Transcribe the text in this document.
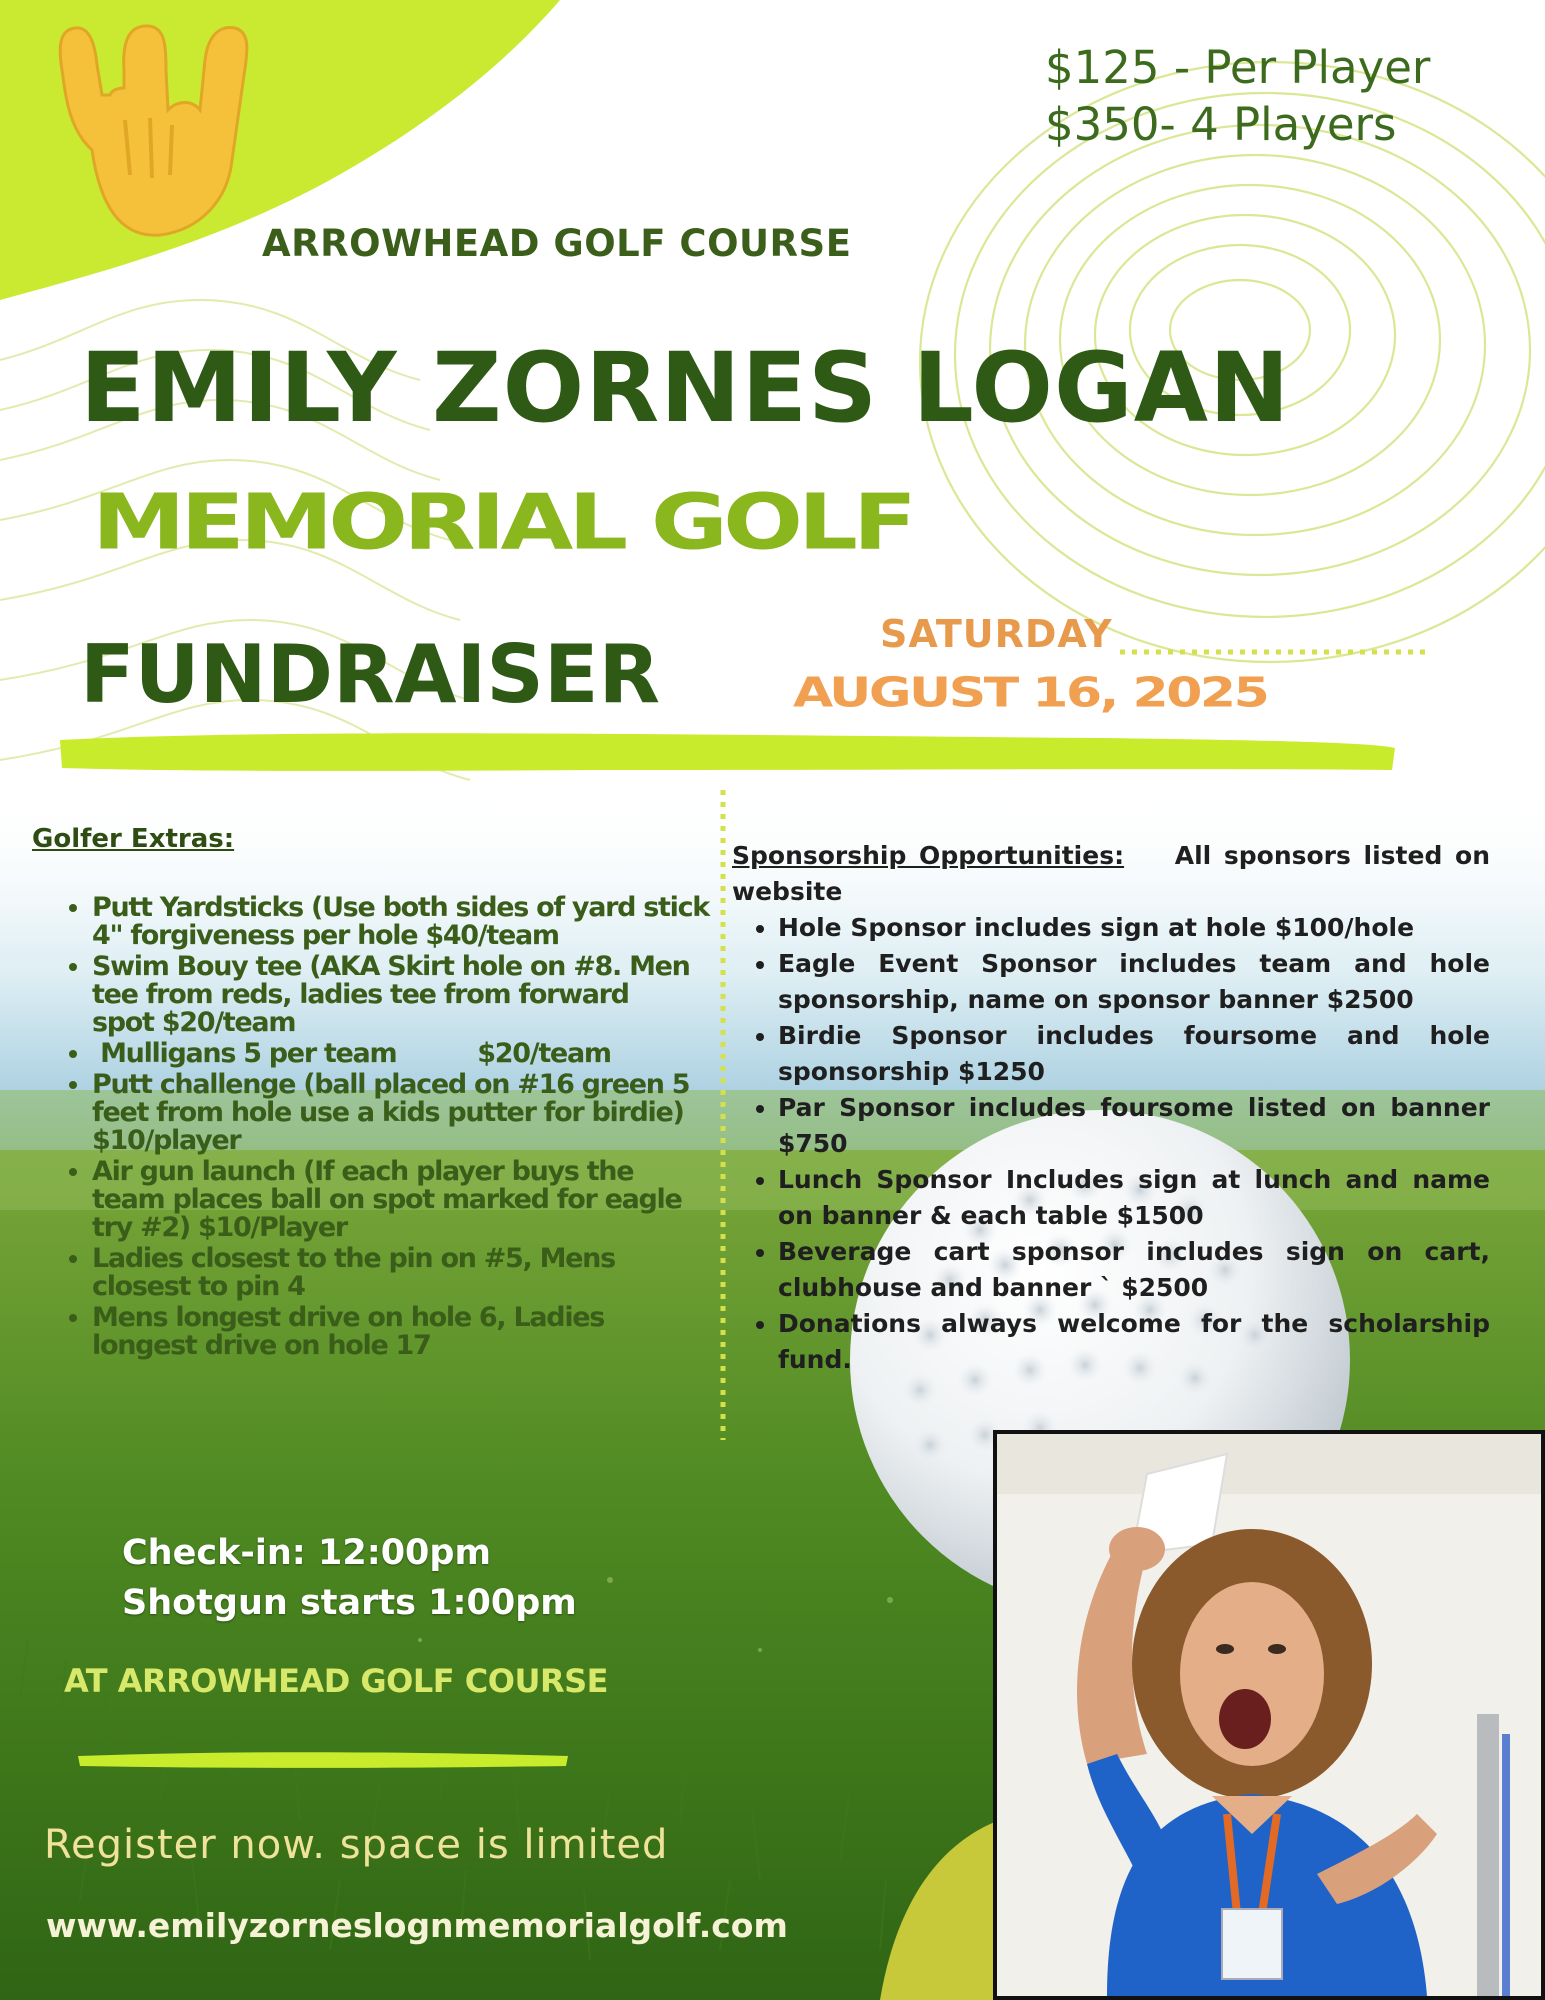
$125 - Per Player
$350- 4 Players
ARROWHEAD GOLF COURSE
EMILY ZORNES LOGAN
MEMORIAL GOLF
FUNDRAISER	SATURDAY
AUGUST 16, 2025
Golfer Extras:
• Putt Yardsticks (Use both sides of yard stick 4" forgiveness per hole $40/team
• Swim Bouy tee (AKA Skirt hole on #8. Men tee from reds, ladies tee from forward spot $20/team
•  Mulligans 5 per team          $20/team
• Putt challenge (ball placed on #16 green 5 feet from hole use a kids putter for birdie) $10/player
• Air gun launch (If each player buys the team places ball on spot marked for eagle try #2) $10/Player
• Ladies closest to the pin on #5, Mens closest to pin 4
• Mens longest drive on hole 6, Ladies longest drive on hole 17
Sponsorship Opportunities: All sponsors listed on website
• Hole Sponsor includes sign at hole $100/hole
• Eagle Event Sponsor includes team and hole sponsorship, name on sponsor banner $2500
• Birdie Sponsor includes foursome and hole sponsorship $1250
• Par Sponsor includes foursome listed on banner $750
• Lunch Sponsor Includes sign at lunch and name on banner & each table $1500
• Beverage cart sponsor includes sign on cart, clubhouse and banner ` $2500
• Donations always welcome for the scholarship fund.
Check-in: 12:00pm
Shotgun starts 1:00pm
AT ARROWHEAD GOLF COURSE
Register now. space is limited
www.emilyzorneslognmemorialgolf.com
